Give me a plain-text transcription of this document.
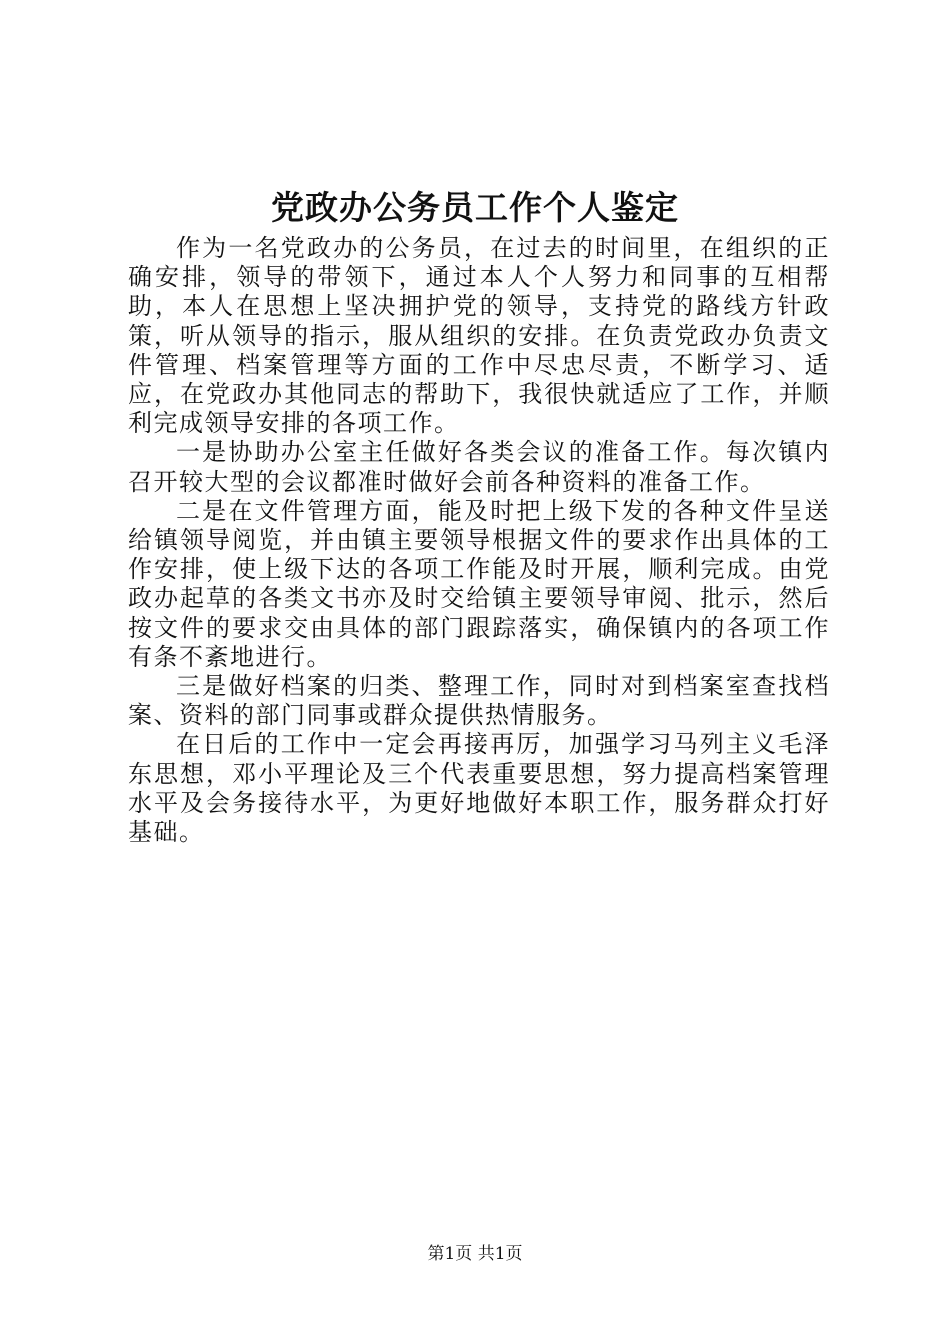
党政办公务员工作个人鉴定

作为一名党政办的公务员，在过去的时间里，在组织的正确安排，领导的带领下，通过本人个人努力和同事的互相帮助，本人在思想上坚决拥护党的领导，支持党的路线方针政策，听从领导的指示，服从组织的安排。在负责党政办负责文件管理、档案管理等方面的工作中尽忠尽责，不断学习、适应，在党政办其他同志的帮助下，我很快就适应了工作，并顺利完成领导安排的各项工作。

一是协助办公室主任做好各类会议的准备工作。每次镇内召开较大型的会议都准时做好会前各种资料的准备工作。

二是在文件管理方面，能及时把上级下发的各种文件呈送给镇领导阅览，并由镇主要领导根据文件的要求作出具体的工作安排，使上级下达的各项工作能及时开展，顺利完成。由党政办起草的各类文书亦及时交给镇主要领导审阅、批示，然后按文件的要求交由具体的部门跟踪落实，确保镇内的各项工作有条不紊地进行。

三是做好档案的归类、整理工作，同时对到档案室查找档案、资料的部门同事或群众提供热情服务。

在日后的工作中一定会再接再厉，加强学习马列主义毛泽东思想，邓小平理论及三个代表重要思想，努力提高档案管理水平及会务接待水平，为更好地做好本职工作，服务群众打好基础。

第1页 共1页
